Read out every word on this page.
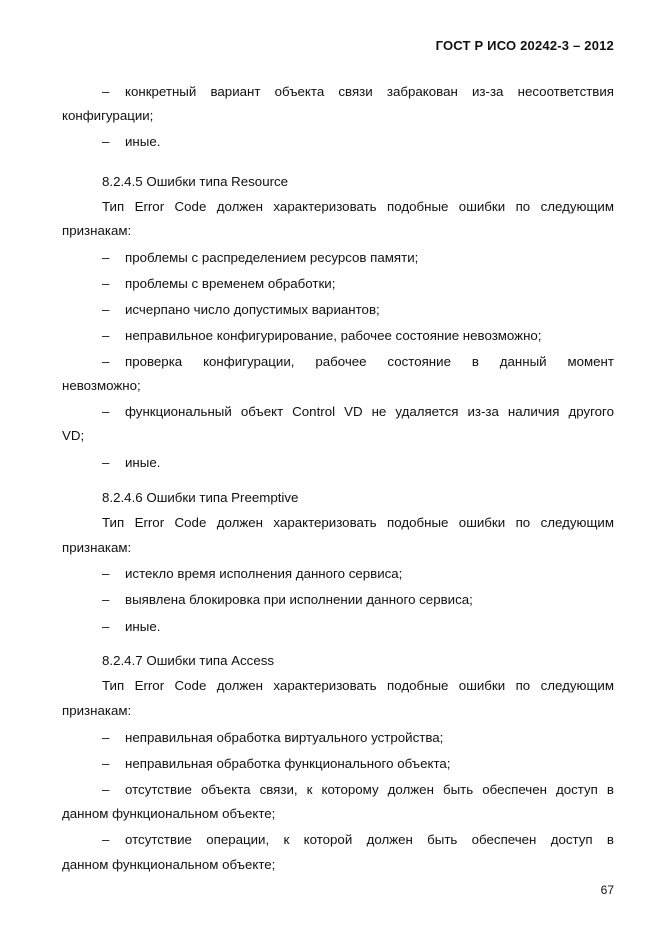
ГОСТ Р ИСО 20242-3 – 2012
– конкретный вариант объекта связи забракован из-за несоответствия
конфигурации;
– иные.
8.2.4.5 Ошибки типа Resource
Тип Error Code должен характеризовать подобные ошибки по следующим
признакам:
– проблемы с распределением ресурсов памяти;
– проблемы с временем обработки;
– исчерпано число допустимых вариантов;
– неправильное конфигурирование, рабочее состояние невозможно;
– проверка конфигурации, рабочее состояние в данный момент
невозможно;
– функциональный объект Control VD не удаляется из-за наличия другого
VD;
– иные.
8.2.4.6 Ошибки типа Preemptive
Тип Error Code должен характеризовать подобные ошибки по следующим
признакам:
– истекло время исполнения данного сервиса;
– выявлена блокировка при исполнении данного сервиса;
– иные.
8.2.4.7 Ошибки типа Access
Тип Error Code должен характеризовать подобные ошибки по следующим
признакам:
– неправильная обработка виртуального устройства;
– неправильная обработка функционального объекта;
– отсутствие объекта связи, к которому должен быть обеспечен доступ в
данном функциональном объекте;
– отсутствие операции, к которой должен быть обеспечен доступ в
данном функциональном объекте;
67
